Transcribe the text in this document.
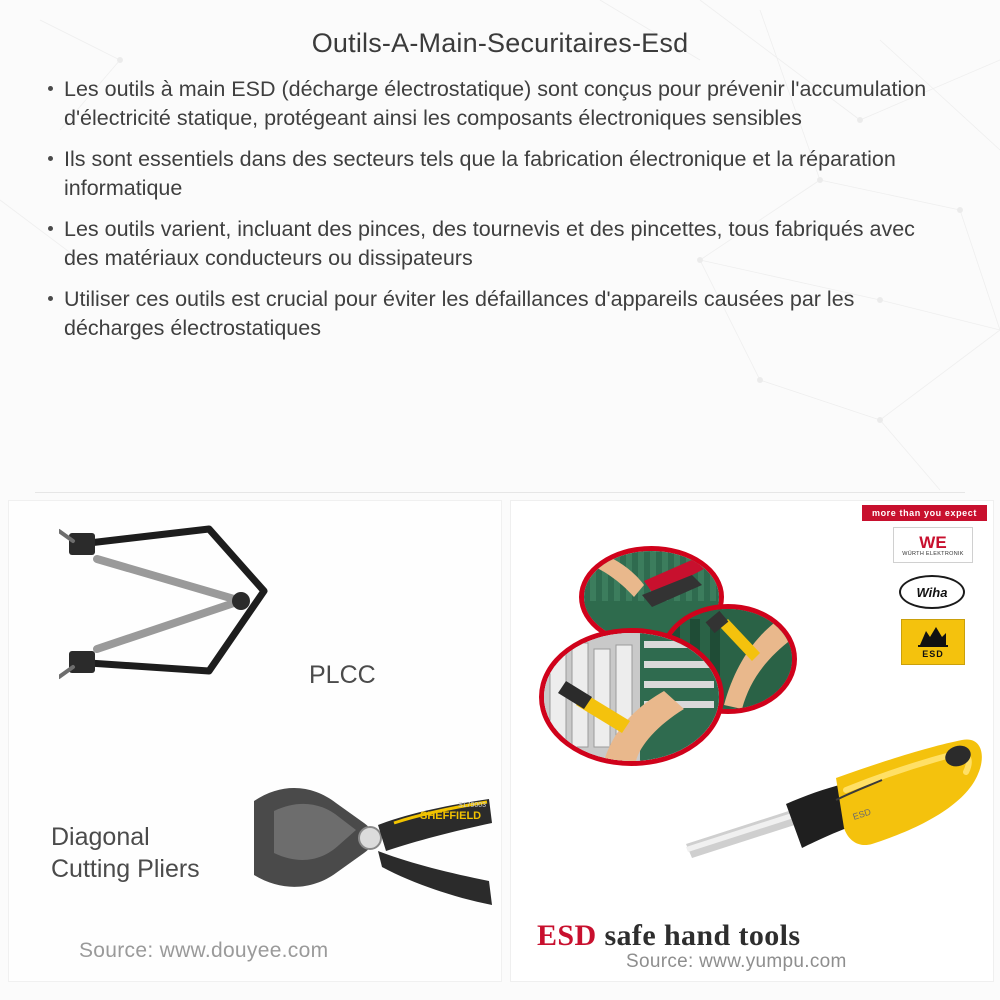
Outils-A-Main-Securitaires-Esd
Les outils à main ESD (décharge électrostatique) sont conçus pour prévenir l'accumulation d'électricité statique, protégeant ainsi les composants électroniques sensibles
Ils sont essentiels dans des secteurs tels que la fabrication électronique et la réparation informatique
Les outils varient, incluant des pinces, des tournevis et des pincettes, tous fabriqués avec des matériaux conducteurs ou dissipateurs
Utiliser ces outils est crucial pour éviter les défaillances d'appareils causées par les décharges électrostatiques
PLCC
SHEFFIELD
S179003
Diagonal
Cutting Pliers
Source: www.douyee.com
more than you expect
WE
WÜRTH ELEKTRONIK
Wiha
ESD
ESD
ESD safe hand tools
Source: www.yumpu.com
